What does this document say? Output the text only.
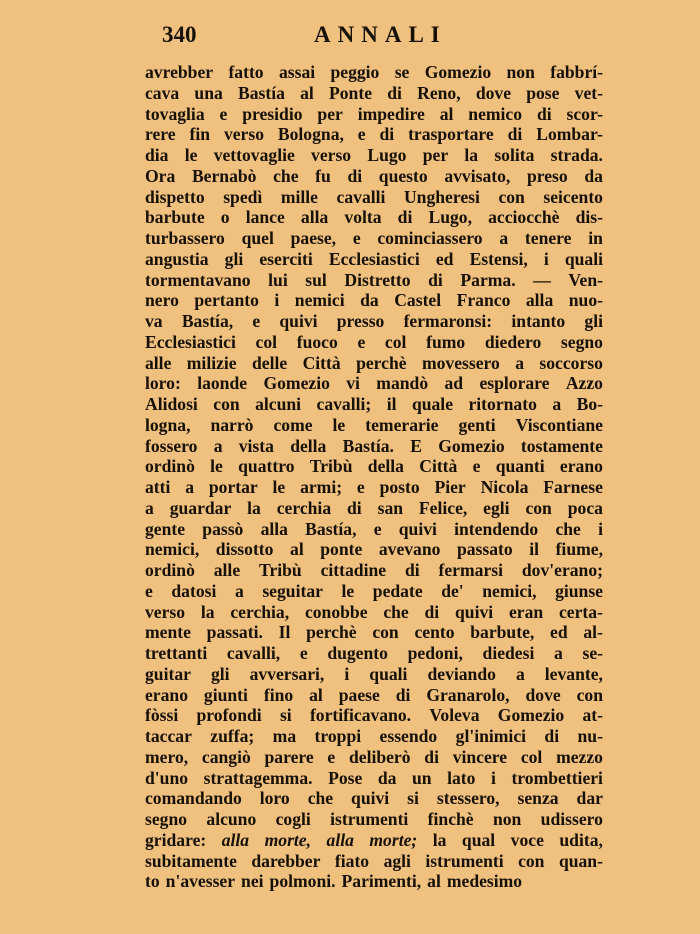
340	ANNALI
avrebber fatto assai peggio se Gomezio non fabbrí-
cava una Bastía al Ponte di Reno, dove pose vet-
tovaglia e presidio per impedire al nemico di scor-
rere fin verso Bologna, e di trasportare di Lombar-
dia le vettovaglie verso Lugo per la solita strada.
Ora Bernabò che fu di questo avvisato, preso da
dispetto spedì mille cavalli Ungheresi con seicento
barbute o lance alla volta di Lugo, acciocchè dis-
turbassero quel paese, e cominciassero a tenere in
angustia gli eserciti Ecclesiastici ed Estensi, i quali
tormentavano lui sul Distretto di Parma. — Ven-
nero pertanto i nemici da Castel Franco alla nuo-
va Bastía, e quivi presso fermaronsi: intanto gli
Ecclesiastici col fuoco e col fumo diedero segno
alle milizie delle Città perchè movessero a soccorso
loro: laonde Gomezio vi mandò ad esplorare Azzo
Alidosi con alcuni cavalli; il quale ritornato a Bo-
logna, narrò come le temerarie genti Viscontiane
fossero a vista della Bastía. E Gomezio tostamente
ordinò le quattro Tribù della Città e quanti erano
atti a portar le armi; e posto Pier Nicola Farnese
a guardar la cerchia di san Felice, egli con poca
gente passò alla Bastía, e quivi intendendo che i
nemici, dissotto al ponte avevano passato il fiume,
ordinò alle Tribù cittadine di fermarsi dov'erano;
e datosi a seguitar le pedate de' nemici, giunse
verso la cerchia, conobbe che di quivi eran certa-
mente passati. Il perchè con cento barbute, ed al-
trettanti cavalli, e dugento pedoni, diedesi a se-
guitar gli avversari, i quali deviando a levante,
erano giunti fino al paese di Granarolo, dove con
fòssi profondi si fortificavano. Voleva Gomezio at-
taccar zuffa; ma troppi essendo gl'inimici di nu-
mero, cangiò parere e deliberò di vincere col mezzo
d'uno strattagemma. Pose da un lato i trombettieri
comandando loro che quivi si stessero, senza dar
segno alcuno cogli istrumenti finchè non udissero
gridare: alla morte, alla morte; la qual voce udita,
subitamente darebber fiato agli istrumenti con quan-
to n'avesser nei polmoni. Parimenti, al medesimo
